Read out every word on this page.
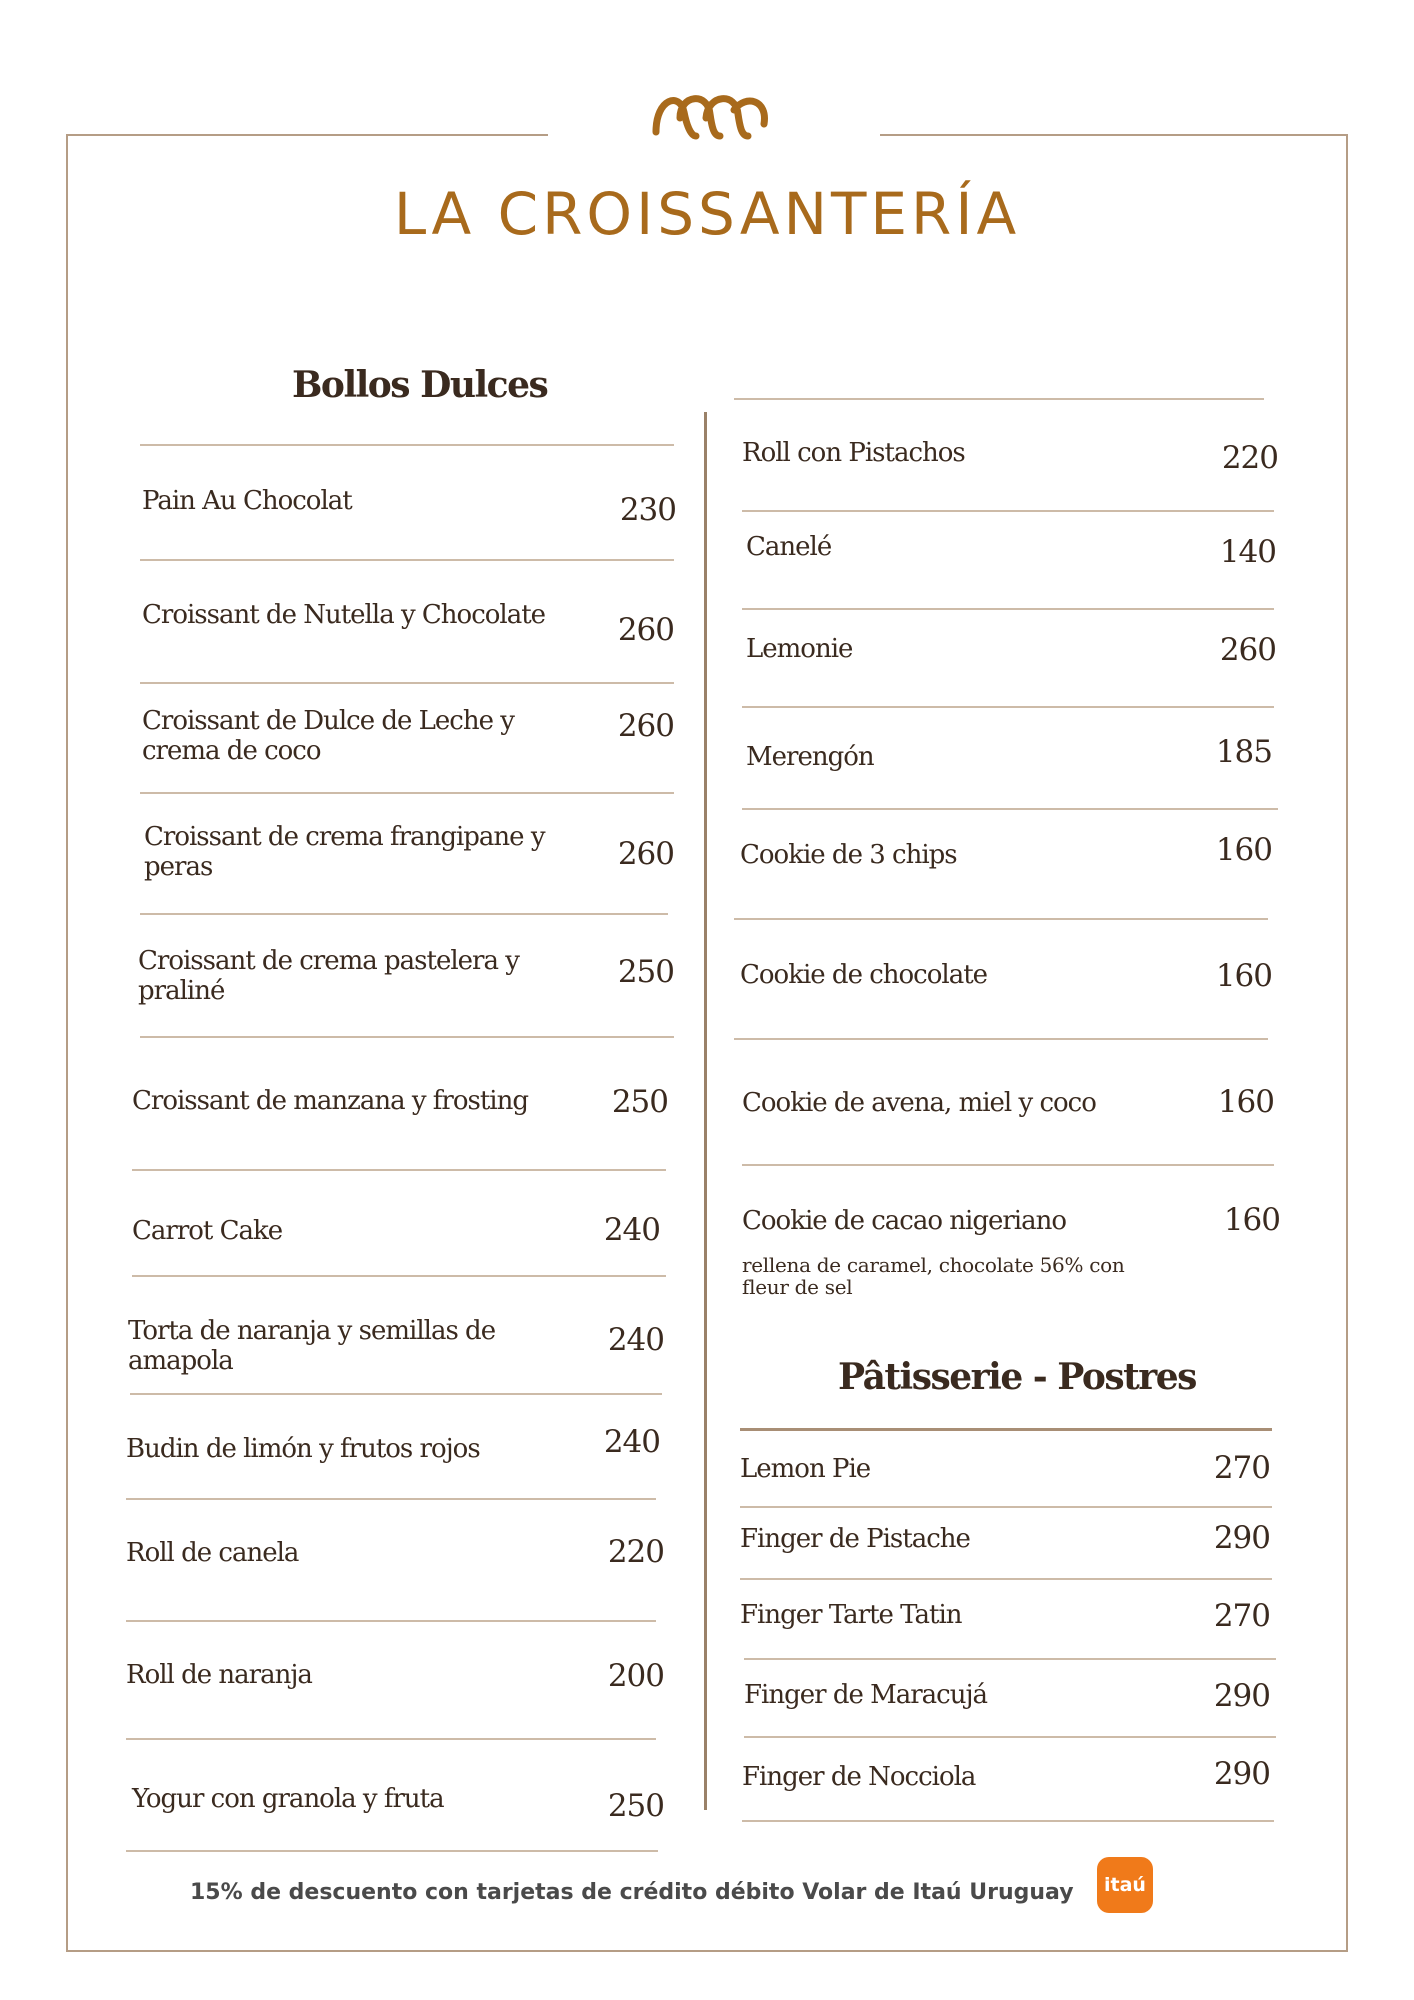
LA CROISSANTERÍA
Bollos Dulces
Pâtisserie - Postres
Pain Au Chocolat	230
Croissant de Nutella y Chocolate	260
Croissant de Dulce de Leche y
crema de coco
260
Croissant de crema frangipane y
peras	260
Croissant de crema pastelera y
praliné
250
Croissant de manzana y frosting	250
Carrot Cake	240
Torta de naranja y semillas de
amapola
240
Budin de limón y frutos rojos	240
Roll de canela	220
Roll de naranja	200
Yogur con granola y fruta	250
Roll con Pistachos	220
Canelé	140
Lemonie	260
Merengón	185
Cookie de 3 chips	160
Cookie de chocolate	160
Cookie de avena, miel y coco	160
Cookie de cacao nigeriano	160
rellena de caramel, chocolate 56% con
fleur de sel
Lemon Pie	270
Finger de Pistache	290
Finger Tarte Tatin	270
Finger de Maracujá	290
Finger de Nocciola	290
15% de descuento con tarjetas de crédito débito Volar de Itaú Uruguay	itaú
